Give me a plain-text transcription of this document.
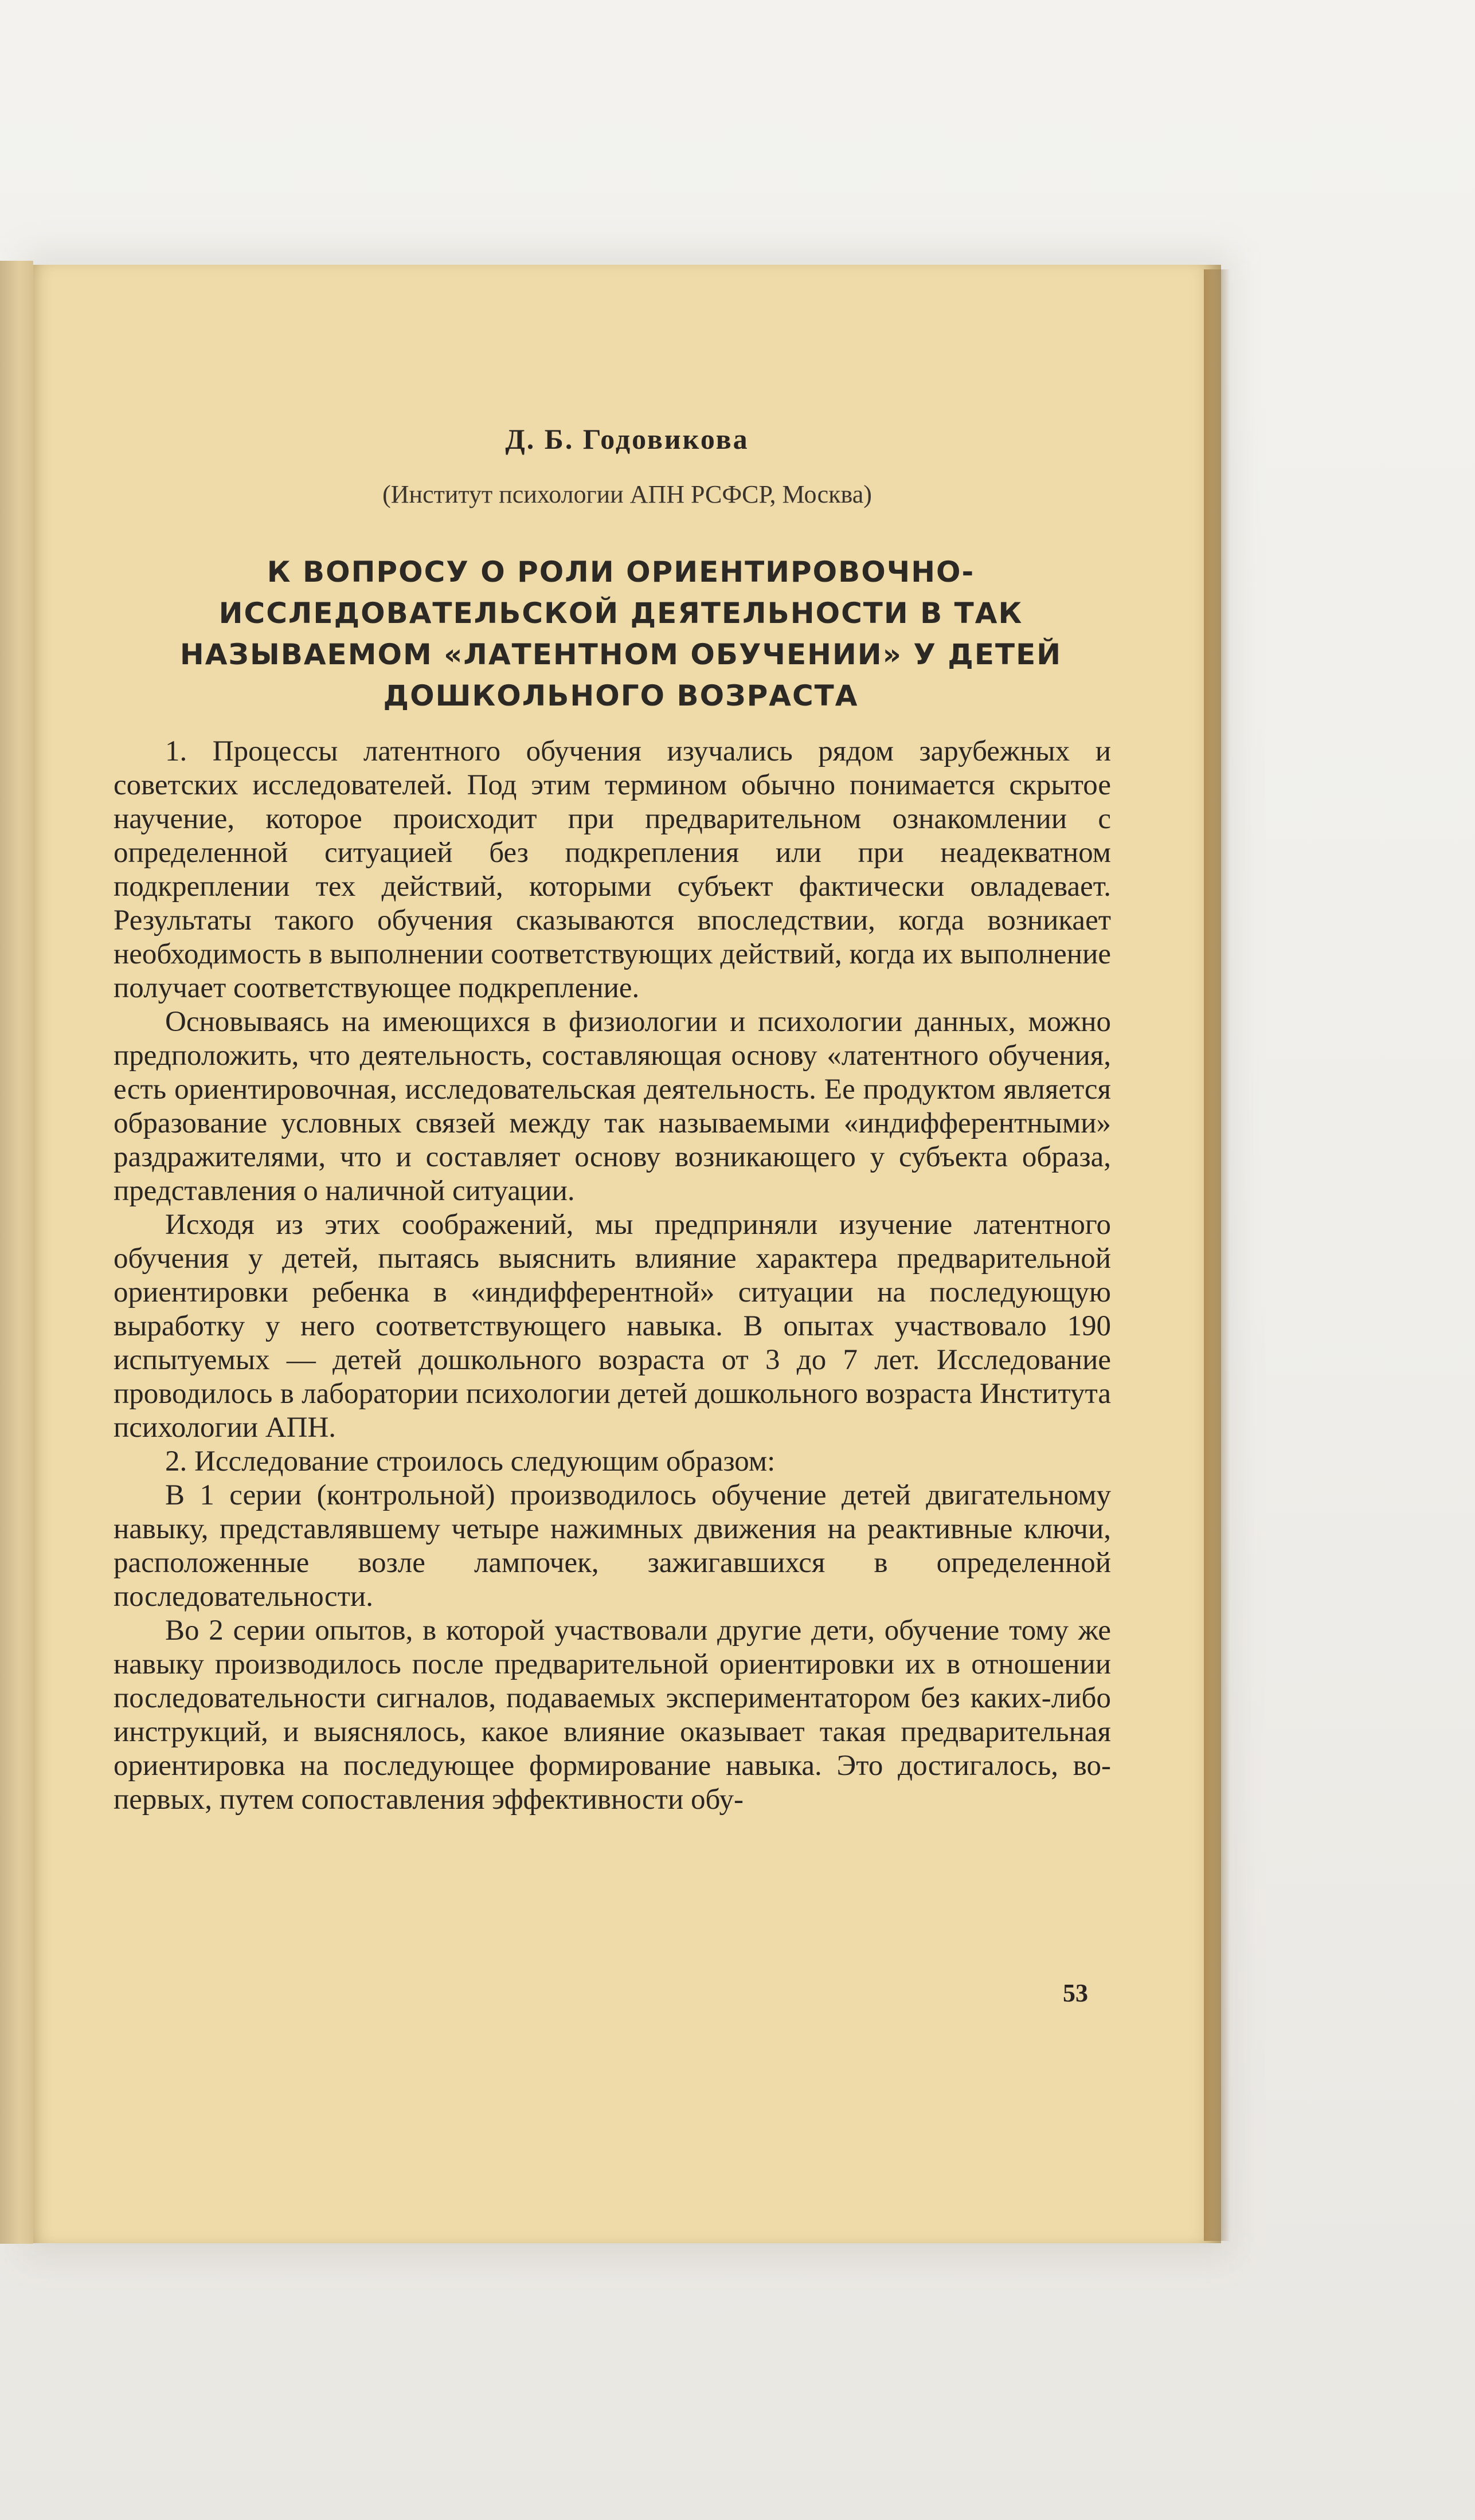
Д. Б. Годовикова
(Институт психологии АПН РСФСР, Москва)
К ВОПРОСУ О РОЛИ ОРИЕНТИРОВОЧНО-ИССЛЕДОВАТЕЛЬСКОЙ ДЕЯТЕЛЬНОСТИ В ТАК НАЗЫВАЕМОМ «ЛАТЕНТНОМ ОБУЧЕНИИ» У ДЕТЕЙ ДОШКОЛЬНОГО ВОЗРАСТА

1. Процессы латентного обучения изучались рядом зарубежных и советских исследователей. Под этим термином обычно понимается скрытое научение, которое происходит при предварительном ознакомлении с определенной ситуацией без подкрепления или при неадекватном подкреплении тех действий, которыми субъект фактически овладевает. Результаты такого обучения сказываются впоследствии, когда возникает необходимость в выполнении соответствующих действий, когда их выполнение получает соответствующее подкрепление.

Основываясь на имеющихся в физиологии и психологии данных, можно предположить, что деятельность, составляющая основу «латентного обучения, есть ориентировочная, исследовательская деятельность. Ее продуктом является образование условных связей между так называемыми «индифферентными» раздражителями, что и составляет основу возникающего у субъекта образа, представления о наличной ситуации.

Исходя из этих соображений, мы предприняли изучение латентного обучения у детей, пытаясь выяснить влияние характера предварительной ориентировки ребенка в «индифферентной» ситуации на последующую выработку у него соответствующего навыка. В опытах участвовало 190 испытуемых — детей дошкольного возраста от 3 до 7 лет. Исследование проводилось в лаборатории психологии детей дошкольного возраста Института психологии АПН.

2. Исследование строилось следующим образом:

В 1 серии (контрольной) производилось обучение детей двигательному навыку, представлявшему четыре нажимных движения на реактивные ключи, расположенные возле лампочек, зажигавшихся в определенной последовательности.

Во 2 серии опытов, в которой участвовали другие дети, обучение тому же навыку производилось после предварительной ориентировки их в отношении последовательности сигналов, подаваемых экспериментатором без каких-либо инструкций, и выяснялось, какое влияние оказывает такая предварительная ориентировка на последующее формирование навыка. Это достигалось, во-первых, путем сопоставления эффективности обу-

53
